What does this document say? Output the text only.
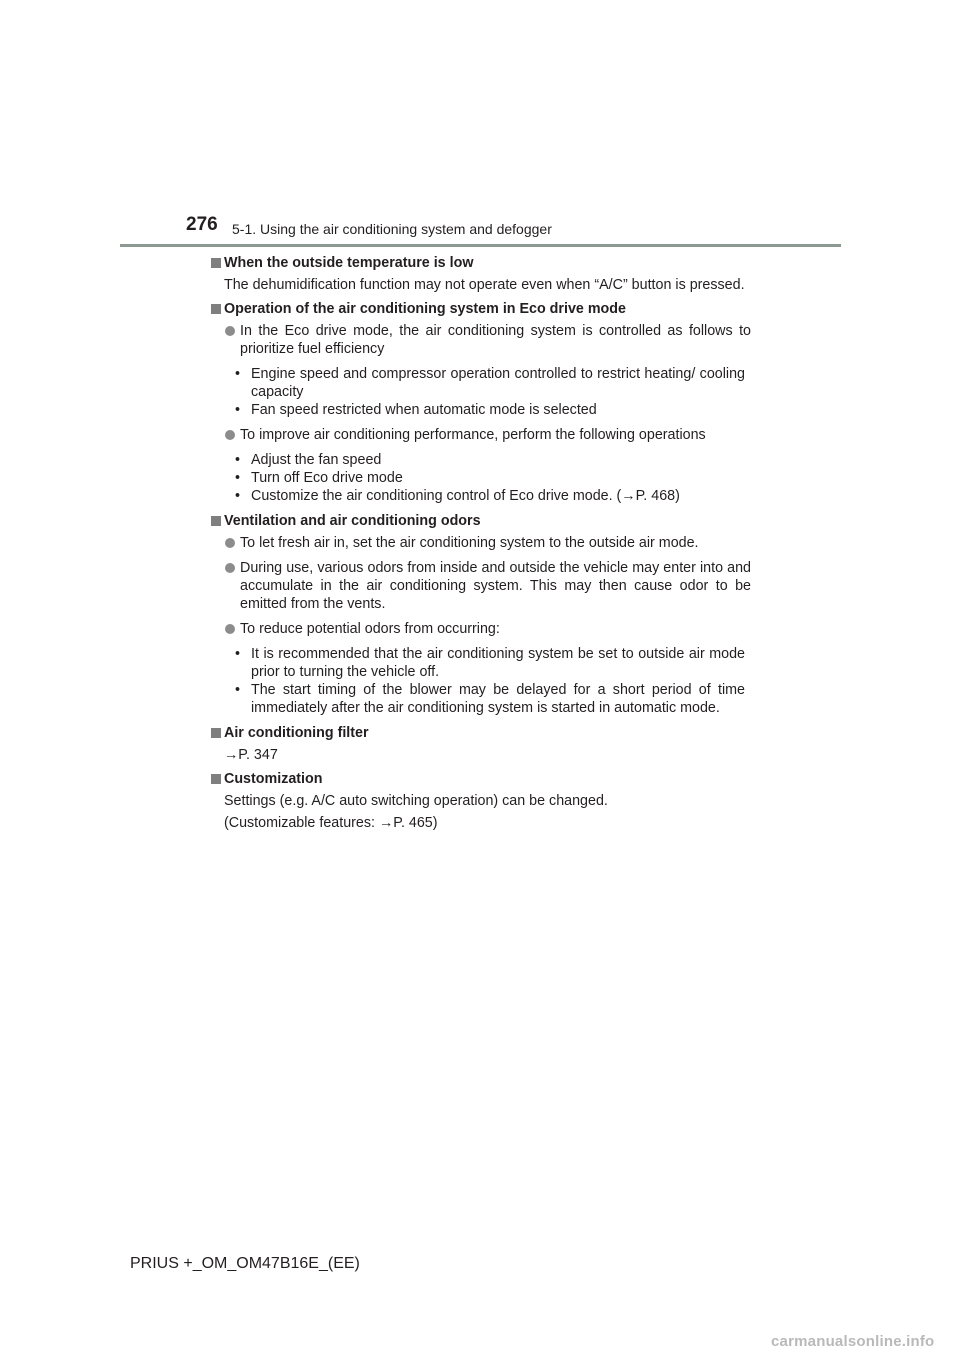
276 5-1. Using the air conditioning system and defogger
When the outside temperature is low
The dehumidification function may not operate even when “A/C” button is pressed.
Operation of the air conditioning system in Eco drive mode
In the Eco drive mode, the air conditioning system is controlled as follows to prioritize fuel efficiency
• Engine speed and compressor operation controlled to restrict heating/ cooling capacity
• Fan speed restricted when automatic mode is selected
To improve air conditioning performance, perform the following operations
• Adjust the fan speed
• Turn off Eco drive mode
• Customize the air conditioning control of Eco drive mode. (→P. 468)
Ventilation and air conditioning odors
To let fresh air in, set the air conditioning system to the outside air mode.
During use, various odors from inside and outside the vehicle may enter into and accumulate in the air conditioning system. This may then cause odor to be emitted from the vents.
To reduce potential odors from occurring:
• It is recommended that the air conditioning system be set to outside air mode prior to turning the vehicle off.
• The start timing of the blower may be delayed for a short period of time immediately after the air conditioning system is started in automatic mode.
Air conditioning filter
→P. 347
Customization
Settings (e.g. A/C auto switching operation) can be changed.
(Customizable features: →P. 465)
PRIUS +_OM_OM47B16E_(EE)
carmanualsonline.info
